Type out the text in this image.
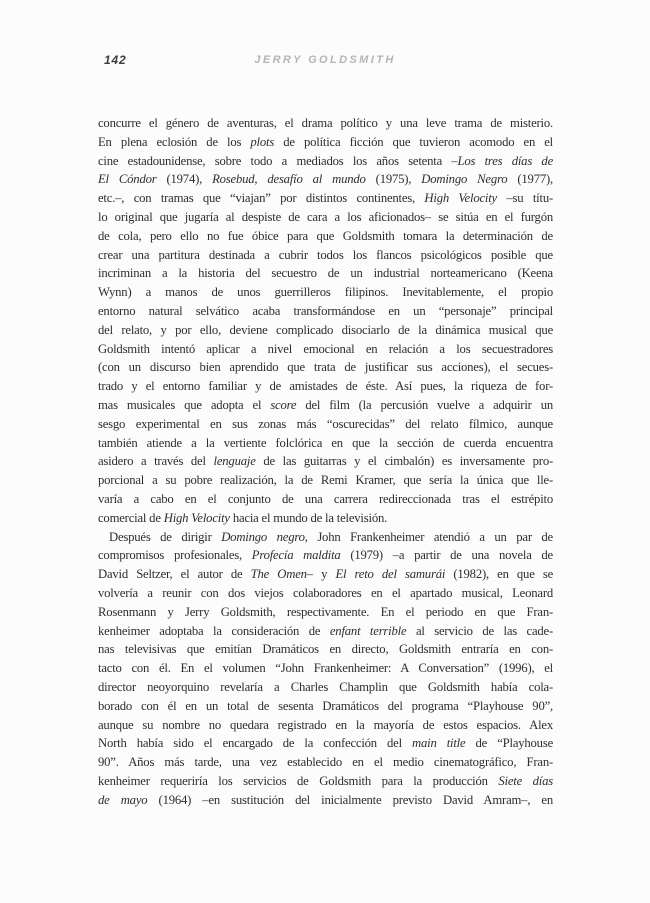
142	JERRY GOLDSMITH
concurre el género de aventuras, el drama político y una leve trama de misterio.
En plena eclosión de los plots de política ficción que tuvieron acomodo en el
cine estadounidense, sobre todo a mediados los años setenta –Los tres días de
El Cóndor (1974), Rosebud, desafío al mundo (1975), Domingo Negro (1977),
etc.–, con tramas que “viajan” por distintos continentes, High Velocity –su títu-
lo original que jugaría al despiste de cara a los aficionados– se sitúa en el furgón
de cola, pero ello no fue óbice para que Goldsmith tomara la determinación de
crear una partitura destinada a cubrir todos los flancos psicológicos posible que
incriminan a la historia del secuestro de un industrial norteamericano (Keena
Wynn) a manos de unos guerrilleros filipinos. Inevitablemente, el propio
entorno natural selvático acaba transformándose en un “personaje” principal
del relato, y por ello, deviene complicado disociarlo de la dinámica musical que
Goldsmith intentó aplicar a nivel emocional en relación a los secuestradores
(con un discurso bien aprendido que trata de justificar sus acciones), el secues-
trado y el entorno familiar y de amistades de éste. Así pues, la riqueza de for-
mas musicales que adopta el score del film (la percusión vuelve a adquirir un
sesgo experimental en sus zonas más “oscurecidas” del relato fílmico, aunque
también atiende a la vertiente folclórica en que la sección de cuerda encuentra
asidero a través del lenguaje de las guitarras y el cimbalón) es inversamente pro-
porcional a su pobre realización, la de Remi Kramer, que sería la única que lle-
varía a cabo en el conjunto de una carrera redireccionada tras el estrépito
comercial de High Velocity hacia el mundo de la televisión.
Después de dirigir Domingo negro, John Frankenheimer atendió a un par de
compromisos profesionales, Profecía maldita (1979) –a partir de una novela de
David Seltzer, el autor de The Omen– y El reto del samurái (1982), en que se
volvería a reunir con dos viejos colaboradores en el apartado musical, Leonard
Rosenmann y Jerry Goldsmith, respectivamente. En el periodo en que Fran-
kenheimer adoptaba la consideración de enfant terrible al servicio de las cade-
nas televisivas que emitían Dramáticos en directo, Goldsmith entraría en con-
tacto con él. En el volumen “John Frankenheimer: A Conversation” (1996), el
director neoyorquino revelaría a Charles Champlin que Goldsmith había cola-
borado con él en un total de sesenta Dramáticos del programa “Playhouse 90”,
aunque su nombre no quedara registrado en la mayoría de estos espacios. Alex
North había sido el encargado de la confección del main title de “Playhouse
90”. Años más tarde, una vez establecido en el medio cinematográfico, Fran-
kenheimer requeriría los servicios de Goldsmith para la producción Siete días
de mayo (1964) –en sustitución del inicialmente previsto David Amram–, en
